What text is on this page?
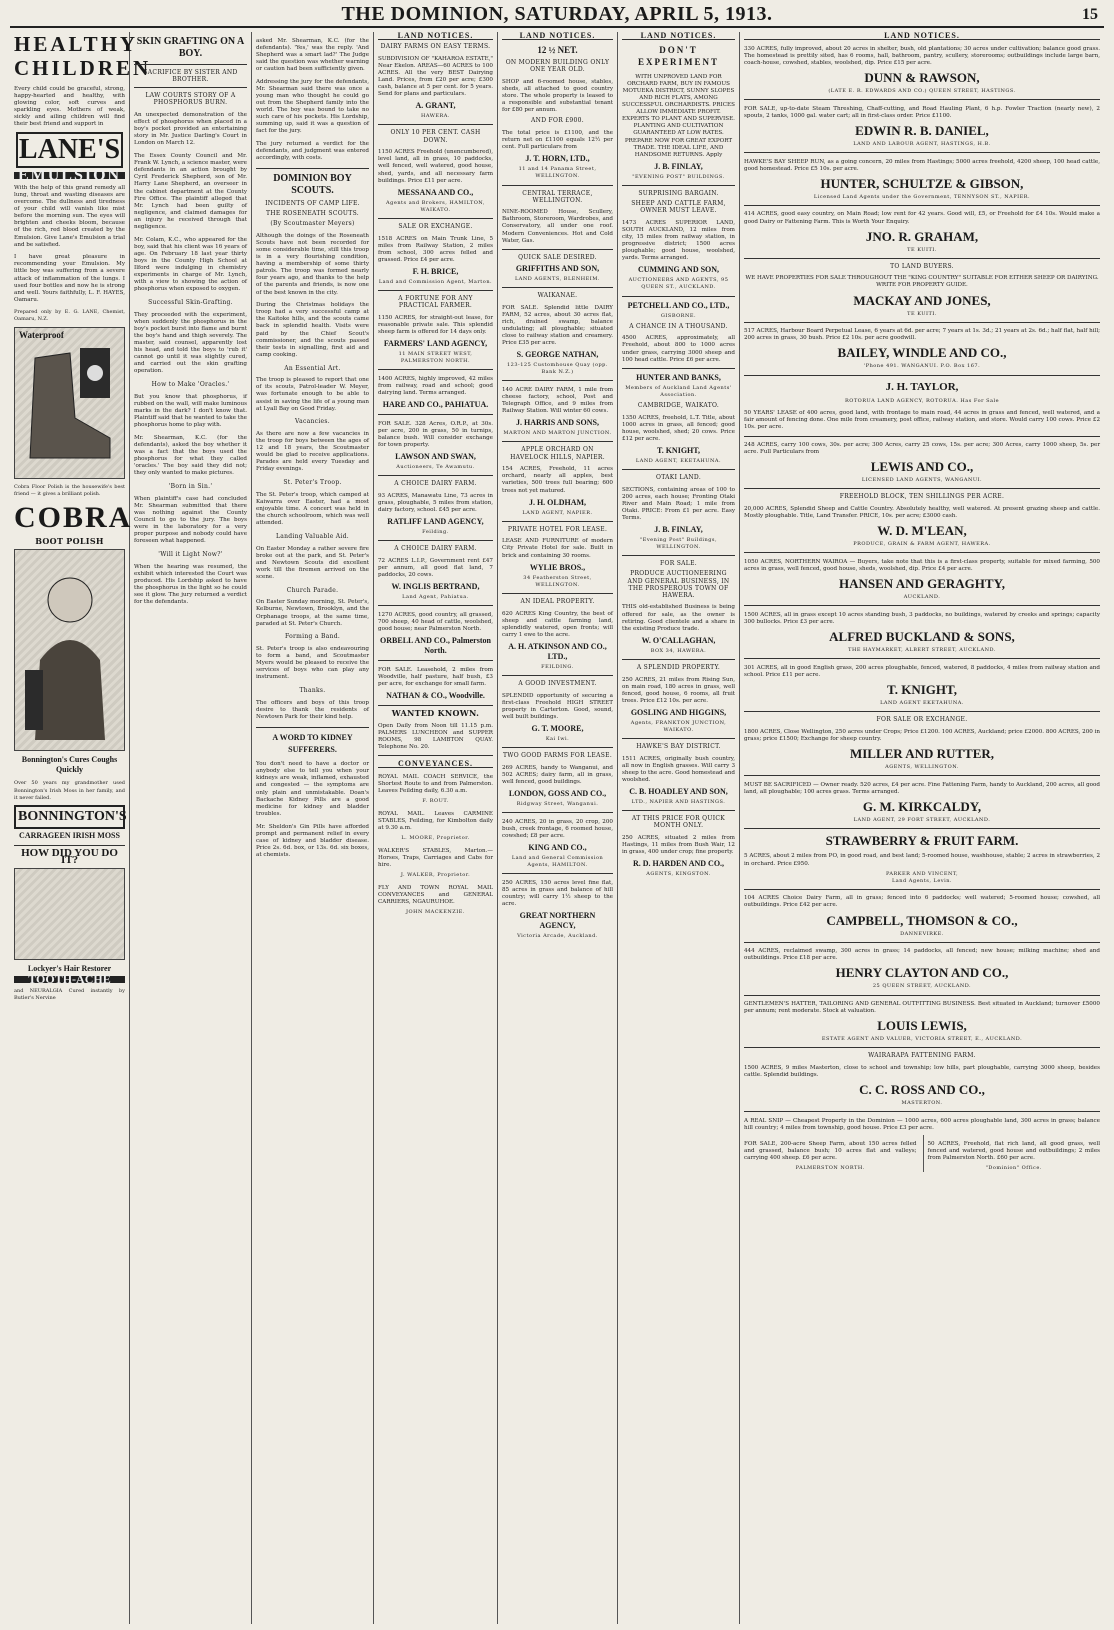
THE DOMINION, SATURDAY, APRIL 5, 1913.	15
HEALTHY CHILDREN

Every child could be graceful, strong, happy-hearted and healthy, with glowing color, soft curves and sparkling eyes. Mothers of weak, sickly and ailing children will find their best friend and support in

LANE'S
EMULSION

With the help of this grand remedy all lung, throat and wasting diseases are overcome. The dullness and tiredness of your child will vanish like mist before the morning sun. The eyes will brighten and cheeks bloom, because of the rich, red blood created by the Emulsion. Give Lane's Emulsion a trial and be satisfied.

I have great pleasure in recommending your Emulsion. My little boy was suffering from a severe attack of inflammation of the lungs. I used four bottles and now he is strong and well. Yours faithfully, L. F. HAYES, Oamaru.

Prepared only by E. G. LANE, Chemist, Oamaru, N.Z.

Waterproof

Cobra Floor Polish is the housewife's best friend — it gives a brilliant polish.

COBRA
BOOT POLISH
Bonnington's Cures Coughs Quickly

Over 50 years my grandmother used Bonnington's Irish Moss in her family, and it never failed.

BONNINGTON'S
CARRAGEEN IRISH MOSS
HOW DID YOU DO IT?
Lockyer's Hair Restorer
TOOTH-ACHE

and NEURALGIA Cured instantly by Butler's Nervine

SKIN GRAFTING ON A BOY.
SACRIFICE BY SISTER AND BROTHER.
LAW COURTS STORY OF A PHOSPHORUS BURN.

An unexpected demonstration of the effect of phosphorus when placed in a boy's pocket provided an entertaining story in Mr. Justice Darling's Court in London on March 12.

The Essex County Council and Mr. Frank W. Lynch, a science master, were defendants in an action brought by Cyril Frederick Shepherd, son of Mr. Harry Lane Shepherd, an overseer in the cabinet department at the County Fire Office. The plaintiff alleged that Mr. Lynch had been guilty of negligence, and claimed damages for an injury he received through that negligence.

Mr. Colam, K.C., who appeared for the boy, said that his client was 16 years of age. On February 18 last year thirty boys in the County High School at Ilford were indulging in chemistry experiments in charge of Mr. Lynch, with a view to showing the action of phosphorus when exposed to oxygen.

Successful Skin-Grafting.

They proceeded with the experiment, when suddenly the phosphorus in the boy's pocket burst into flame and burnt the boy's hand and thigh severely. The master, said counsel, apparently lost his head, and told the boys to 'rub it' cannot go until it was slightly cured, and carried out the skin grafting operation.

How to Make 'Oracles.'

But you know that phosphorus, if rubbed on the wall, will make luminous marks in the dark? I don't know that. Plaintiff said that he wanted to take the phosphorus home to play with.

Mr. Shearman, K.C. (for the defendants), asked the boy whether it was a fact that the boys used the phosphorus for what they called 'oracles.' The boy said they did not; they only wanted to make pictures.

'Born in Sin.'

When plaintiff's case had concluded Mr. Shearman submitted that there was nothing against the County Council to go to the jury. The boys were in the laboratory for a very proper purpose and nobody could have foreseen what happened.

'Will it Light Now?'

When the hearing was resumed, the exhibit which interested the Court was produced. His Lordship asked to have the phosphorus in the light so he could see it glow. The jury returned a verdict for the defendants.

asked Mr. Shearman, K.C. (for the defendants). 'Yes,' was the reply. 'And Shepherd was a smart lad?' The Judge said the question was whether warning or caution had been sufficiently given.

Addressing the jury for the defendants, Mr. Shearman said there was once a young man who thought he could go out from the Shepherd family into the world. The boy was bound to take no such care of his pockets. His Lordship, summing up, said it was a question of fact for the jury.

The jury returned a verdict for the defendants, and judgment was entered accordingly, with costs.

DOMINION BOY SCOUTS.
INCIDENTS OF CAMP LIFE.
THE ROSENEATH SCOUTS.
(By Scoutmaster Meyers)

Although the doings of the Roseneath Scouts have not been recorded for some considerable time, still this troop is in a very flourishing condition, having a membership of some thirty patrols. The troop was formed nearly four years ago, and thanks to the help of the parents and friends, is now one of the best known in the city.

During the Christmas holidays the troop had a very successful camp at the Kaitoke hills, and the scouts came back in splendid health. Visits were paid by the Chief Scout's commissioner, and the scouts passed their tests in signalling, first aid and camp cooking.

An Essential Art.

The troop is pleased to report that one of its scouts, Patrol-leader W. Meyer, was fortunate enough to be able to assist in saving the life of a young man at Lyall Bay on Good Friday.

Vacancies.

As there are now a few vacancies in the troop for boys between the ages of 12 and 18 years, the Scoutmaster would be glad to receive applications. Parades are held every Tuesday and Friday evenings.

St. Peter's Troop.

The St. Peter's troop, which camped at Kaiwarra over Easter, had a most enjoyable time. A concert was held in the church schoolroom, which was well attended.

Landing Valuable Aid.

On Easter Monday a rather severe fire broke out at the park, and St. Peter's and Newtown Scouts did excellent work till the firemen arrived on the scene.

Church Parade.

On Easter Sunday morning, St. Peter's, Kelburne, Newtown, Brooklyn, and the Orphanage troops, at the same time, paraded at St. Peter's Church.

Forming a Band.

St. Peter's troop is also endeavouring to form a band, and Scoutmaster Myers would be pleased to receive the services of boys who can play any instrument.

Thanks.

The officers and boys of this troop desire to thank the residents of Newtown Park for their kind help.

A WORD TO KIDNEY SUFFERERS.

You don't need to have a doctor or anybody else to tell you when your kidneys are weak, inflamed, exhausted and congested — the symptoms are only plain and unmistakable. Doan's Backache Kidney Pills are a good medicine for kidney and bladder troubles.

Mr. Sheldon's Gin Pills have afforded prompt and permanent relief in every case of kidney and bladder disease. Price 2s. 6d. box, or 13s. 6d. six boxes, at chemists.

LAND NOTICES.
DAIRY FARMS ON EASY TERMS.

SUBDIVISION OF "KAHAROA ESTATE," Near Ekelon. AREAS—60 ACRES to 100 ACRES. All the very BEST Dairying Land. Prices, from £20 per acre; £300 cash, balance at 5 per cent. for 5 years. Send for plans and particulars.

A. GRANT,
HAWERA.
ONLY 10 PER CENT. CASH DOWN.

1150 ACRES Freehold (unencumbered), level land, all in grass, 10 paddocks, well fenced, well watered, good house, shed, yards, and all necessary farm buildings. Price £11 per acre.

MESSANA AND CO.,
Agents and Brokers, HAMILTON, WAIKATO.
SALE OR EXCHANGE.

1518 ACRES on Main Trunk Line, 5 miles from Railway Station, 2 miles from school, 300 acres felled and grassed. Price £4 per acre.

F. H. BRICE,
Land and Commission Agent, Marton.
A FORTUNE FOR ANY PRACTICAL FARMER.

1150 ACRES, for straight-out lease, for reasonable private sale. This splendid sheep farm is offered for 14 days only.

FARMERS' LAND AGENCY,
11 MAIN STREET WEST, PALMERSTON NORTH.

1400 ACRES, highly improved, 42 miles from railway, road and school; good dairying land. Terms arranged.

HARE AND CO., PAHIATUA.

FOR SALE. 328 Acres, O.R.P., at 30s. per acre, 200 in grass, 50 in turnips, balance bush. Will consider exchange for town property.

LAWSON AND SWAN,
Auctioneers, Te Awamutu.
A CHOICE DAIRY FARM.

93 ACRES, Manawatu Line, 73 acres in grass, ploughable, 5 miles from station, dairy factory, school. £45 per acre.

RATLIFF LAND AGENCY,
Feilding.
A CHOICE DAIRY FARM.

72 ACRES L.I.P., Government rent £47 per annum, all good flat land, 7 paddocks, 20 cows.

W. INGLIS BERTRAND,
Land Agent, Pahiatua.

1270 ACRES, good country, all grassed, 700 sheep, 40 head of cattle, woolshed, good house; near Palmerston North.

ORBELL AND CO., Palmerston North.

FOR SALE. Leasehold, 2 miles from Woodville, half pasture, half bush, £3 per acre, for exchange for small farm.

NATHAN & CO., Woodville.
WANTED KNOWN.

Open Daily from Noon till 11.15 p.m. PALMERS LUNCHEON and SUPPER ROOMS, 98 LAMBTON QUAY. Telephone No. 20.

CONVEYANCES.

ROYAL MAIL COACH SERVICE, the Shortest Route to and from Palmerston. Leaves Feilding daily, 6.30 a.m.

F. ROUT.

ROYAL MAIL. Leaves CARMINE STABLES, Feilding, for Kimbolton daily at 9.30 a.m.

L. MOORE, Proprietor.

WALKER'S STABLES, Marton.— Horses, Traps, Carriages and Cabs for hire.

J. WALKER, Proprietor.

FLY AND TOWN ROYAL MAIL CONVEYANCES and GENERAL CARRIERS, NGAURUHOE.

JOHN MACKENZIE.
LAND NOTICES.
12 ½ NET.
ON MODERN BUILDING ONLY ONE YEAR OLD.

SHOP and 6-roomed house, stables, sheds, all attached to good country store. The whole property is leased to a responsible and substantial tenant for £80 per annum.

AND FOR £900.

The total price is £1100, and the return net on £1100 equals 12½ per cent. Full particulars from

J. T. HORN, LTD.,
11 and 14 Panama Street, WELLINGTON.
CENTRAL TERRACE, WELLINGTON.

NINE-ROOMED House, Scullery, Bathroom, Storeroom, Wardrobes, and Conservatory, all under one roof. Modern Conveniences. Hot and Cold Water, Gas.

QUICK SALE DESIRED.
GRIFFITHS AND SON,
LAND AGENTS, BLENHEIM.
WAIKANAE.

FOR SALE. Splendid little DAIRY FARM, 52 acres, about 30 acres flat, rich, drained swamp, balance undulating; all ploughable; situated close to railway station and creamery. Price £35 per acre.

S. GEORGE NATHAN,
123-125 Customhouse Quay (opp. Bank N.Z.)

140 ACRE DAIRY FARM, 1 mile from cheese factory, school, Post and Telegraph Office, and 9 miles from Railway Station. Will winter 60 cows.

J. HARRIS AND SONS,
MARTON AND MARTON JUNCTION.
APPLE ORCHARD ON HAVELOCK HILLS, NAPIER.

154 ACRES, Freehold, 11 acres orchard, nearly all apples, best varieties, 500 trees full bearing; 600 trees not yet matured.

J. H. OLDHAM,
LAND AGENT, NAPIER.
PRIVATE HOTEL FOR LEASE.

LEASE AND FURNITURE of modern City Private Hotel for sale. Built in brick and containing 30 rooms.

WYLIE BROS.,
34 Featherston Street, WELLINGTON.
AN IDEAL PROPERTY.

620 ACRES King Country, the best of sheep and cattle farming land, splendidly watered, open fronts; will carry 1 ewe to the acre.

A. H. ATKINSON AND CO., LTD.,
FEILDING.
A GOOD INVESTMENT.

SPLENDID opportunity of securing a first-class Freehold HIGH STREET property in Carterton. Good, sound, well built buildings.

G. T. MOORE,
Kai Iwi.
TWO GOOD FARMS FOR LEASE.

269 ACRES, handy to Wanganui, and 502 ACRES; dairy farm, all in grass, well fenced, good buildings.

LONDON, GOSS AND CO.,
Ridgway Street, Wanganui.

240 ACRES, 20 in grass, 20 crop, 200 bush, creek frontage, 6 roomed house, cowshed; £8 per acre.

KING AND CO.,
Land and General Commission Agents, HAMILTON.

250 ACRES, 150 acres level fine flat, 85 acres in grass and balance of hill country; will carry 1½ sheep to the acre.

GREAT NORTHERN AGENCY,
Victoria Arcade, Auckland.
LAND NOTICES.
DON'T EXPERIMENT

WITH UNPROVED LAND FOR ORCHARD FARM, BUY IN FAMOUS MOTUEKA DISTRICT, SUNNY SLOPES AND RICH FLATS, AMONG SUCCESSFUL ORCHARDISTS. PRICES ALLOW IMMEDIATE PROFIT. EXPERTS TO PLANT AND SUPERVISE. PLANTING AND CULTIVATION GUARANTEED AT LOW RATES. PREPARE NOW FOR GREAT EXPORT TRADE. THE IDEAL LIFE, AND HANDSOME RETURNS. Apply

J. B. FINLAY,
"EVENING POST" BUILDINGS.
SURPRISING BARGAIN.
SHEEP AND CATTLE FARM, OWNER MUST LEAVE.

1473 ACRES SUPERIOR LAND, SOUTH AUCKLAND, 12 miles from city, 15 miles from railway station, in progressive district; 1500 acres ploughable; good house, woolshed, yards. Terms arranged.

CUMMING AND SON,
AUCTIONEERS AND AGENTS, 95 QUEEN ST., AUCKLAND.
PETCHELL AND CO., LTD.,
GISBORNE.
A CHANCE IN A THOUSAND.

4500 ACRES, approximately, all Freehold, about 800 to 1000 acres under grass, carrying 3000 sheep and 100 head cattle. Price £6 per acre.

HUNTER AND BANKS,
Members of Auckland Land Agents' Association.
CAMBRIDGE, WAIKATO.

1350 ACRES, freehold, L.T. Title, about 1000 acres in grass, all fenced; good house, woolshed, shed; 20 cows. Price £12 per acre.

T. KNIGHT,
LAND AGENT, EKETAHUNA.
OTAKI LAND.

SECTIONS, containing areas of 100 to 200 acres, each house; Fronting Otaki River and Main Road; 1 mile from Otaki. PRICE: From £1 per acre. Easy Terms.

J. B. FINLAY,
"Evening Post" Buildings, WELLINGTON.
FOR SALE.
PRODUCE AUCTIONEERING AND GENERAL BUSINESS, IN THE PROSPEROUS TOWN OF HAWERA.

THIS old-established Business is being offered for sale, as the owner is retiring. Good clientele and a share in the existing Produce trade.

W. O'CALLAGHAN,
BOX 34, HAWERA.
A SPLENDID PROPERTY.

250 ACRES, 21 miles from Rising Sun, on main road, 180 acres in grass, well fenced, good house, 6 rooms, all fruit trees. Price £12 10s. per acre.

GOSLING AND HIGGINS,
Agents, FRANKTON JUNCTION, WAIKATO.
HAWKE'S BAY DISTRICT.

1511 ACRES, originally bush country, all now in English grasses. Will carry 3 sheep to the acre. Good homestead and woolshed.

C. B. HOADLEY AND SON,
LTD., NAPIER AND HASTINGS.
AT THIS PRICE FOR QUICK MONTH ONLY.

250 ACRES, situated 2 miles from Hastings, 11 miles from Bush Wair, 12 in grass, 400 under crop; fine property.

R. D. HARDEN AND CO.,
AGENTS, KINGSTON.
LAND NOTICES.

330 ACRES, fully improved, about 20 acres in shelter, bush, old plantations; 30 acres under cultivation; balance good grass. The homestead is prettily sited, has 6 rooms, hall, bathroom, pantry, scullery, storerooms; outbuildings include large barn, coach-house, cowshed, stables, woolshed, dip. Price £15 per acre.

DUNN & RAWSON,
(LATE E. R. EDWARDS AND CO.) QUEEN STREET, HASTINGS.

FOR SALE, up-to-date Steam Threshing, Chaff-cutting, and Road Hauling Plant, 6 h.p. Fowler Traction (nearly new), 2 spouts, 2 tanks, 1000 gal. water cart; all in first-class order. Price £1100.

EDWIN R. B. DANIEL,
LAND AND LABOUR AGENT, HASTINGS, H.B.

HAWKE'S BAY SHEEP RUN, as a going concern, 20 miles from Hastings; 5000 acres freehold, 4200 sheep, 100 head cattle, good homestead. Price £5 10s. per acre.

HUNTER, SCHULTZE & GIBSON,
Licensed Land Agents under the Government, TENNYSON ST., NAPIER.

414 ACRES, good easy country, on Main Road; low rent for 42 years. Good will, £5, or Freehold for £4 10s. Would make a good Dairy or Fattening Farm. This is Worth Your Enquiry.

JNO. R. GRAHAM,
TE KUITI.
TO LAND BUYERS.

WE HAVE PROPERTIES FOR SALE THROUGHOUT THE "KING COUNTRY" SUITABLE FOR EITHER SHEEP OR DAIRYING. WRITE FOR PROPERTY GUIDE.

MACKAY AND JONES,
TE KUITI.

517 ACRES, Harbour Board Perpetual Lease, 6 years at 6d. per acre; 7 years at 1s. 3d.; 21 years at 2s. 6d.; half flat, half hill; 200 acres in grass, 30 bush. Price £2 10s. per acre goodwill.

BAILEY, WINDLE AND CO.,
'Phone 491. WANGANUI. P.O. Box 167.
J. H. TAYLOR,
ROTORUA LAND AGENCY, ROTORUA. Has For Sale

50 YEARS' LEASE of 400 acres, good land, with frontage to main road, 44 acres in grass and fenced, well watered, and a fair amount of fencing done. One mile from creamery, post office, railway station, and store. Would carry 100 cows. Price £2 10s. per acre.

248 ACRES, carry 100 cows, 30s. per acre; 300 Acres, carry 25 cows, 15s. per acre; 300 Acres, carry 1000 sheep, 5s. per acre. Full Particulars from

LEWIS AND CO.,
LICENSED LAND AGENTS, WANGANUI.
FREEHOLD BLOCK, TEN SHILLINGS PER ACRE.

20,000 ACRES, Splendid Sheep and Cattle Country. Absolutely healthy, well watered. At present grazing sheep and cattle. Mostly ploughable. Title, Land Transfer. PRICE, 10s. per acre; £3000 cash.

W. D. M'LEAN,
PRODUCE, GRAIN & FARM AGENT, HAWERA.

1050 ACRES, NORTHERN WAIROA — Buyers, take note that this is a first-class property, suitable for mixed farming, 500 acres in grass, well fenced, good house, sheds, woolshed, dip. Price £4 per acre.

HANSEN AND GERAGHTY,
AUCKLAND.

1500 ACRES, all in grass except 10 acres standing bush, 3 paddocks, no buildings, watered by creeks and springs; capacity 300 bullocks. Price £3 per acre.

ALFRED BUCKLAND & SONS,
THE HAYMARKET, ALBERT STREET, AUCKLAND.

301 ACRES, all in good English grass, 200 acres ploughable, fenced, watered, 8 paddocks, 4 miles from railway station and school. Price £11 per acre.

T. KNIGHT,
LAND AGENT EKETAHUNA.
FOR SALE OR EXCHANGE.

1800 ACRES, Close Wellington, 250 acres under Crops; Price £1200. 100 ACRES, Auckland; price £2000. 800 ACRES, 200 in grass; price £1500; Exchange for sheep country.

MILLER AND RUTTER,
AGENTS, WELLINGTON.

MUST BE SACRIFICED — Owner ready. 520 acres, £4 per acre. Fine Fattening Farm, handy to Auckland, 200 acres, all good land, all ploughable; 100 acres grass. Terms arranged.

G. M. KIRKCALDY,
LAND AGENT, 29 FORT STREET, AUCKLAND.
STRAWBERRY & FRUIT FARM.

5 ACRES, about 2 miles from PO, in good road, and best land; 5-roomed house, washhouse, stable; 2 acres in strawberries, 2 in orchard. Price £950.

PARKER AND VINCENT,
Land Agents, Levin.

104 ACRES Choice Dairy Farm, all in grass; fenced into 6 paddocks; well watered; 5-roomed house; cowshed, all outbuildings. Price £42 per acre.

CAMPBELL, THOMSON & CO.,
DANNEVIRKE.

444 ACRES, reclaimed swamp, 300 acres in grass; 14 paddocks, all fenced; new house; milking machine; shed and outbuildings. Price £18 per acre.

HENRY CLAYTON AND CO.,
25 QUEEN STREET, AUCKLAND.

GENTLEMEN'S HATTER, TAILORING AND GENERAL OUTFITTING BUSINESS. Best situated in Auckland; turnover £5000 per annum; rent moderate. Stock at valuation.

LOUIS LEWIS,
ESTATE AGENT AND VALUER, VICTORIA STREET, E., AUCKLAND.
WAIRARAPA FATTENING FARM.

1500 ACRES, 9 miles Masterton, close to school and township; low hills, part ploughable, carrying 3000 sheep, besides cattle. Splendid buildings.

C. C. ROSS AND CO.,
MASTERTON.

A REAL SNIP — Cheapest Property in the Dominion — 1000 acres, 600 acres ploughable land, 300 acres in grass; balance hill country; 4 miles from township, good house. Price £3 per acre.

FOR SALE, 200-acre Sheep Farm, about 150 acres felled and grassed, balance bush; 10 acres flat and valleys; carrying 400 sheep. £6 per acre.

PALMERSTON NORTH.

50 ACRES, Freehold, flat rich land, all good grass, well fenced and watered, good house and outbuildings; 2 miles from Palmerston North. £60 per acre.

"Dominion" Office.
